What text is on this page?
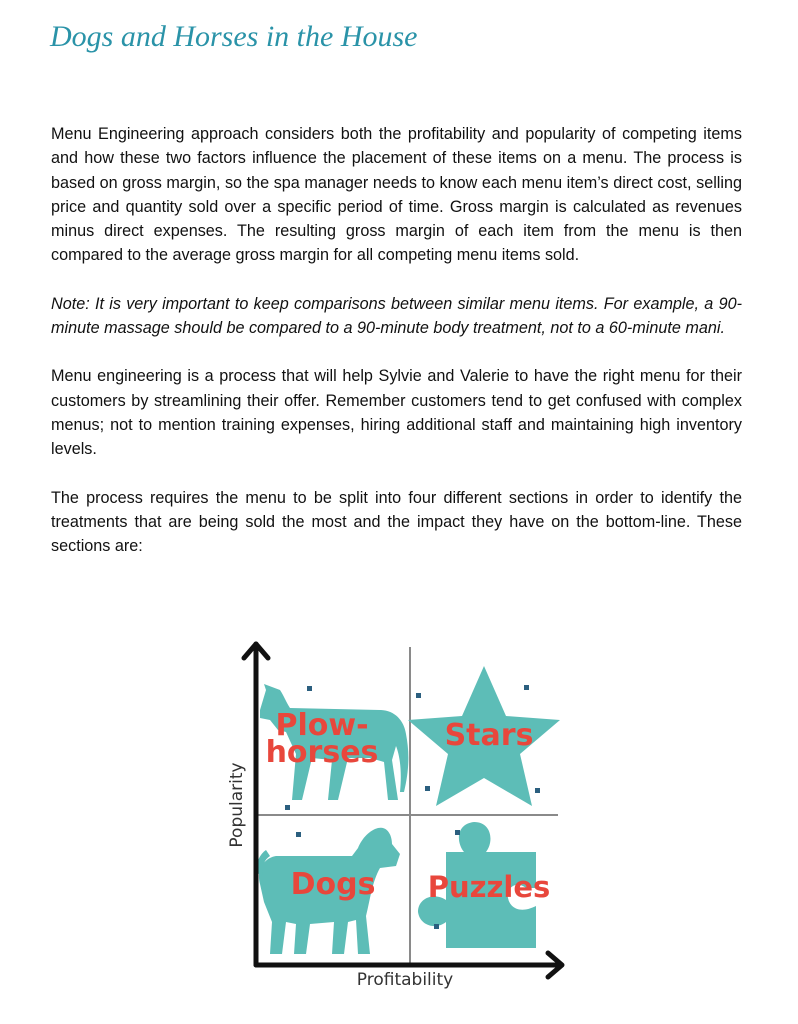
Dogs and Horses in the House

Menu Engineering approach considers both the profitability and popularity of competing items and how these two factors influence the placement of these items on a menu. The process is based on gross margin, so the spa manager needs to know each menu item’s direct cost, selling price and quantity sold over a specific period of time. Gross margin is calculated as revenues minus direct expenses. The resulting gross margin of each item from the menu is then compared to the average gross margin for all competing menu items sold.

Note: It is very important to keep comparisons between similar menu items. For example, a 90-minute massage should be compared to a 90-minute body treatment, not to a 60-minute mani.

Menu engineering is a process that will help Sylvie and Valerie to have the right menu for their customers by streamlining their offer. Remember customers tend to get confused with complex menus; not to mention training expenses, hiring additional staff and maintaining high inventory levels.

The process requires the menu to be split into four different sections in order to identify the treatments that are being sold the most and the impact they have on the bottom-line. These sections are:

Plow-
horses Stars
Dogs Puzzles
Popularity
Profitability
